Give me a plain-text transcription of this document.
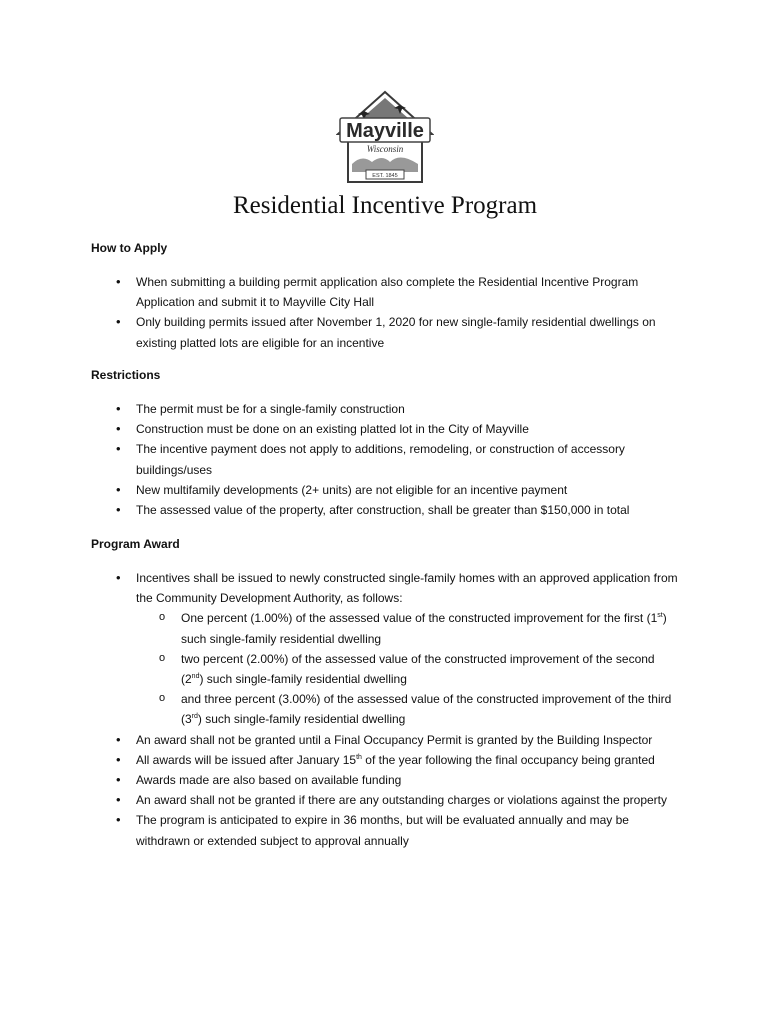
Mayville
Wisconsin
EST. 1845
Residential Incentive Program
How to Apply
• When submitting a building permit application also complete the Residential Incentive Program Application and submit it to Mayville City Hall
• Only building permits issued after November 1, 2020 for new single-family residential dwellings on existing platted lots are eligible for an incentive
Restrictions
• The permit must be for a single-family construction
• Construction must be done on an existing platted lot in the City of Mayville
• The incentive payment does not apply to additions, remodeling, or construction of accessory buildings/uses
• New multifamily developments (2+ units) are not eligible for an incentive payment
• The assessed value of the property, after construction, shall be greater than $150,000 in total
Program Award
• Incentives shall be issued to newly constructed single-family homes with an approved application from the Community Development Authority, as follows:
o One percent (1.00%) of the assessed value of the constructed improvement for the first (1st) such single-family residential dwelling
o two percent (2.00%) of the assessed value of the constructed improvement of the second (2nd) such single-family residential dwelling
o and three percent (3.00%) of the assessed value of the constructed improvement of the third (3rd) such single-family residential dwelling
• An award shall not be granted until a Final Occupancy Permit is granted by the Building Inspector
• All awards will be issued after January 15th of the year following the final occupancy being granted
• Awards made are also based on available funding
• An award shall not be granted if there are any outstanding charges or violations against the property
• The program is anticipated to expire in 36 months, but will be evaluated annually and may be withdrawn or extended subject to approval annually
